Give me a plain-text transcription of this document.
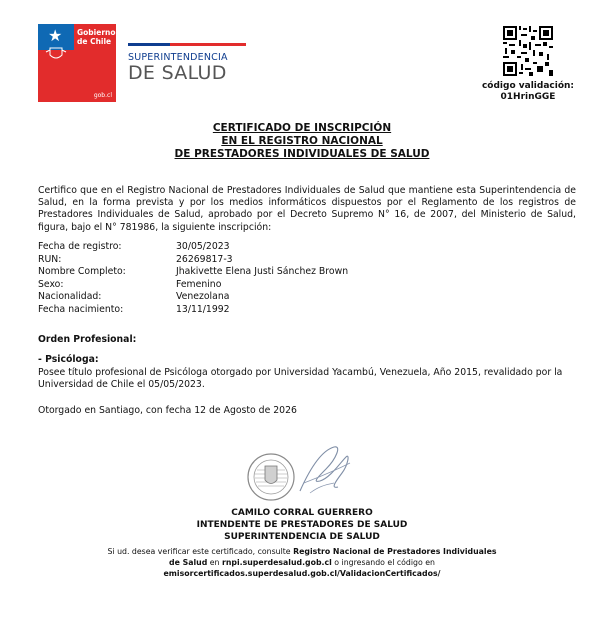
★ Gobierno
de Chile
gob.cl
SUPERINTENDENCIA
DE SALUD
código validación:
01HrinGGE
CERTIFICADO DE INSCRIPCIÓN
EN EL REGISTRO NACIONAL
DE PRESTADORES INDIVIDUALES DE SALUD
Certifico que en el Registro Nacional de Prestadores Individuales de Salud que mantiene esta Superintendencia de Salud, en la forma prevista y por los medios informáticos dispuestos por el Reglamento de los registros de Prestadores Individuales de Salud, aprobado por el Decreto Supremo N° 16, de 2007, del Ministerio de Salud, figura, bajo el N° 781986, la siguiente inscripción:
Fecha de registro:	30/05/2023
RUN:	26269817-3
Nombre Completo:	Jhakivette Elena Justi Sánchez Brown
Sexo:	Femenino
Nacionalidad:	Venezolana
Fecha nacimiento:	13/11/1992
Orden Profesional:
- Psicóloga:
Posee título profesional de Psicóloga otorgado por Universidad Yacambú, Venezuela, Año 2015, revalidado por la Universidad de Chile el 05/05/2023.
Otorgado en Santiago, con fecha 12 de Agosto de 2026
CAMILO CORRAL GUERRERO
INTENDENTE DE PRESTADORES DE SALUD
SUPERINTENDENCIA DE SALUD
Si ud. desea verificar este certificado, consulte Registro Nacional de Prestadores Individuales de Salud en rnpi.superdesalud.gob.cl o ingresando el código en emisorcertificados.superdesalud.gob.cl/ValidacionCertificados/
